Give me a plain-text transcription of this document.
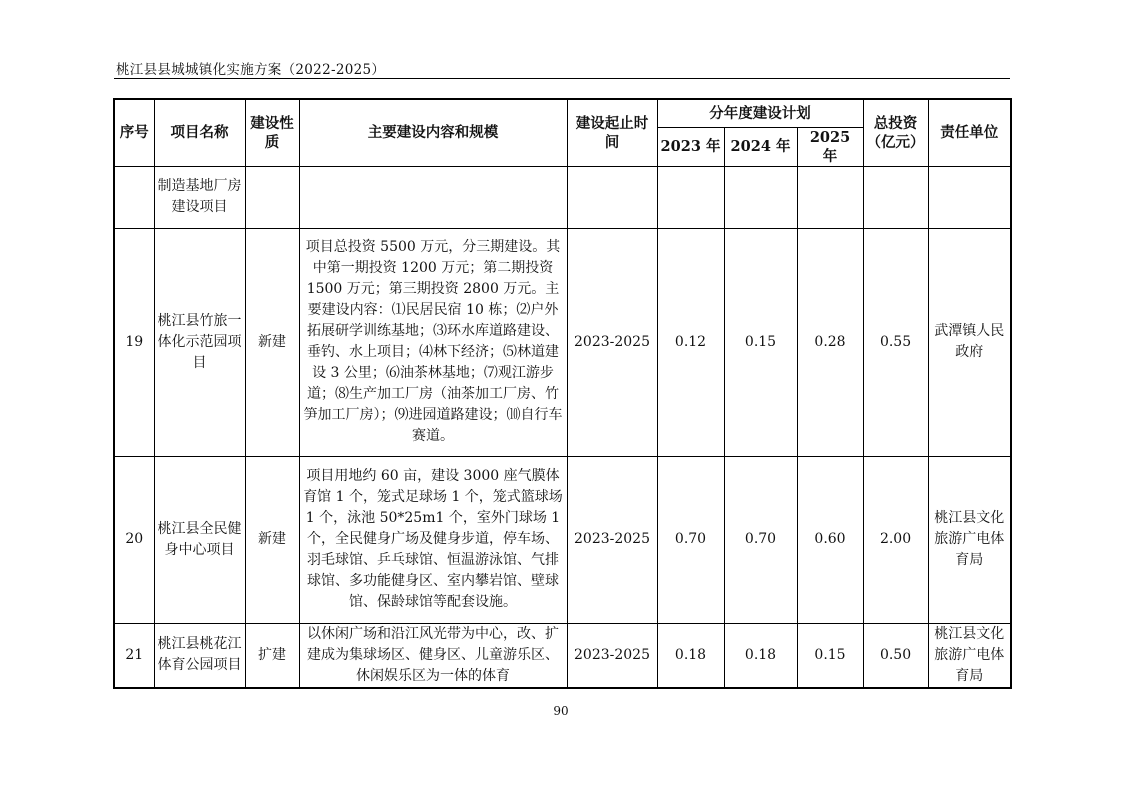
桃江县县城城镇化实施方案（2022-2025）
序号	项目名称	建设性质	主要建设内容和规模	建设起止时间	分年度建设计划			总投资（亿元）	责任单位
					2023 年	2024 年	2025 年		
	制造基地厂房建设项目								
19	桃江县竹旅一体化示范园项目	新建	项目总投资 5500 万元，分三期建设。其中第一期投资 1200 万元；第二期投资 1500 万元；第三期投资 2800 万元。主要建设内容：⑴民居民宿 10 栋；⑵户外拓展研学训练基地；⑶环水库道路建设、垂钓、水上项目；⑷林下经济；⑸林道建设 3 公里；⑹油茶林基地；⑺观江游步道；⑻生产加工厂房（油茶加工厂房、竹笋加工厂房）；⑼进园道路建设；⑽自行车赛道。	2023-2025	0.12	0.15	0.28	0.55	武潭镇人民政府
20	桃江县全民健身中心项目	新建	项目用地约 60 亩，建设 3000 座气膜体育馆 1 个，笼式足球场 1 个，笼式篮球场 1 个，泳池 50*25m1 个，室外门球场 1 个，全民健身广场及健身步道，停车场、羽毛球馆、乒乓球馆、恒温游泳馆、气排球馆、多功能健身区、室内攀岩馆、壁球馆、保龄球馆等配套设施。	2023-2025	0.70	0.70	0.60	2.00	桃江县文化旅游广电体育局
21	桃江县桃花江体育公园项目	扩建	以休闲广场和沿江风光带为中心，改、扩建成为集球场区、健身区、儿童游乐区、休闲娱乐区为一体的体育	2023-2025	0.18	0.18	0.15	0.50	桃江县文化旅游广电体育局
90
